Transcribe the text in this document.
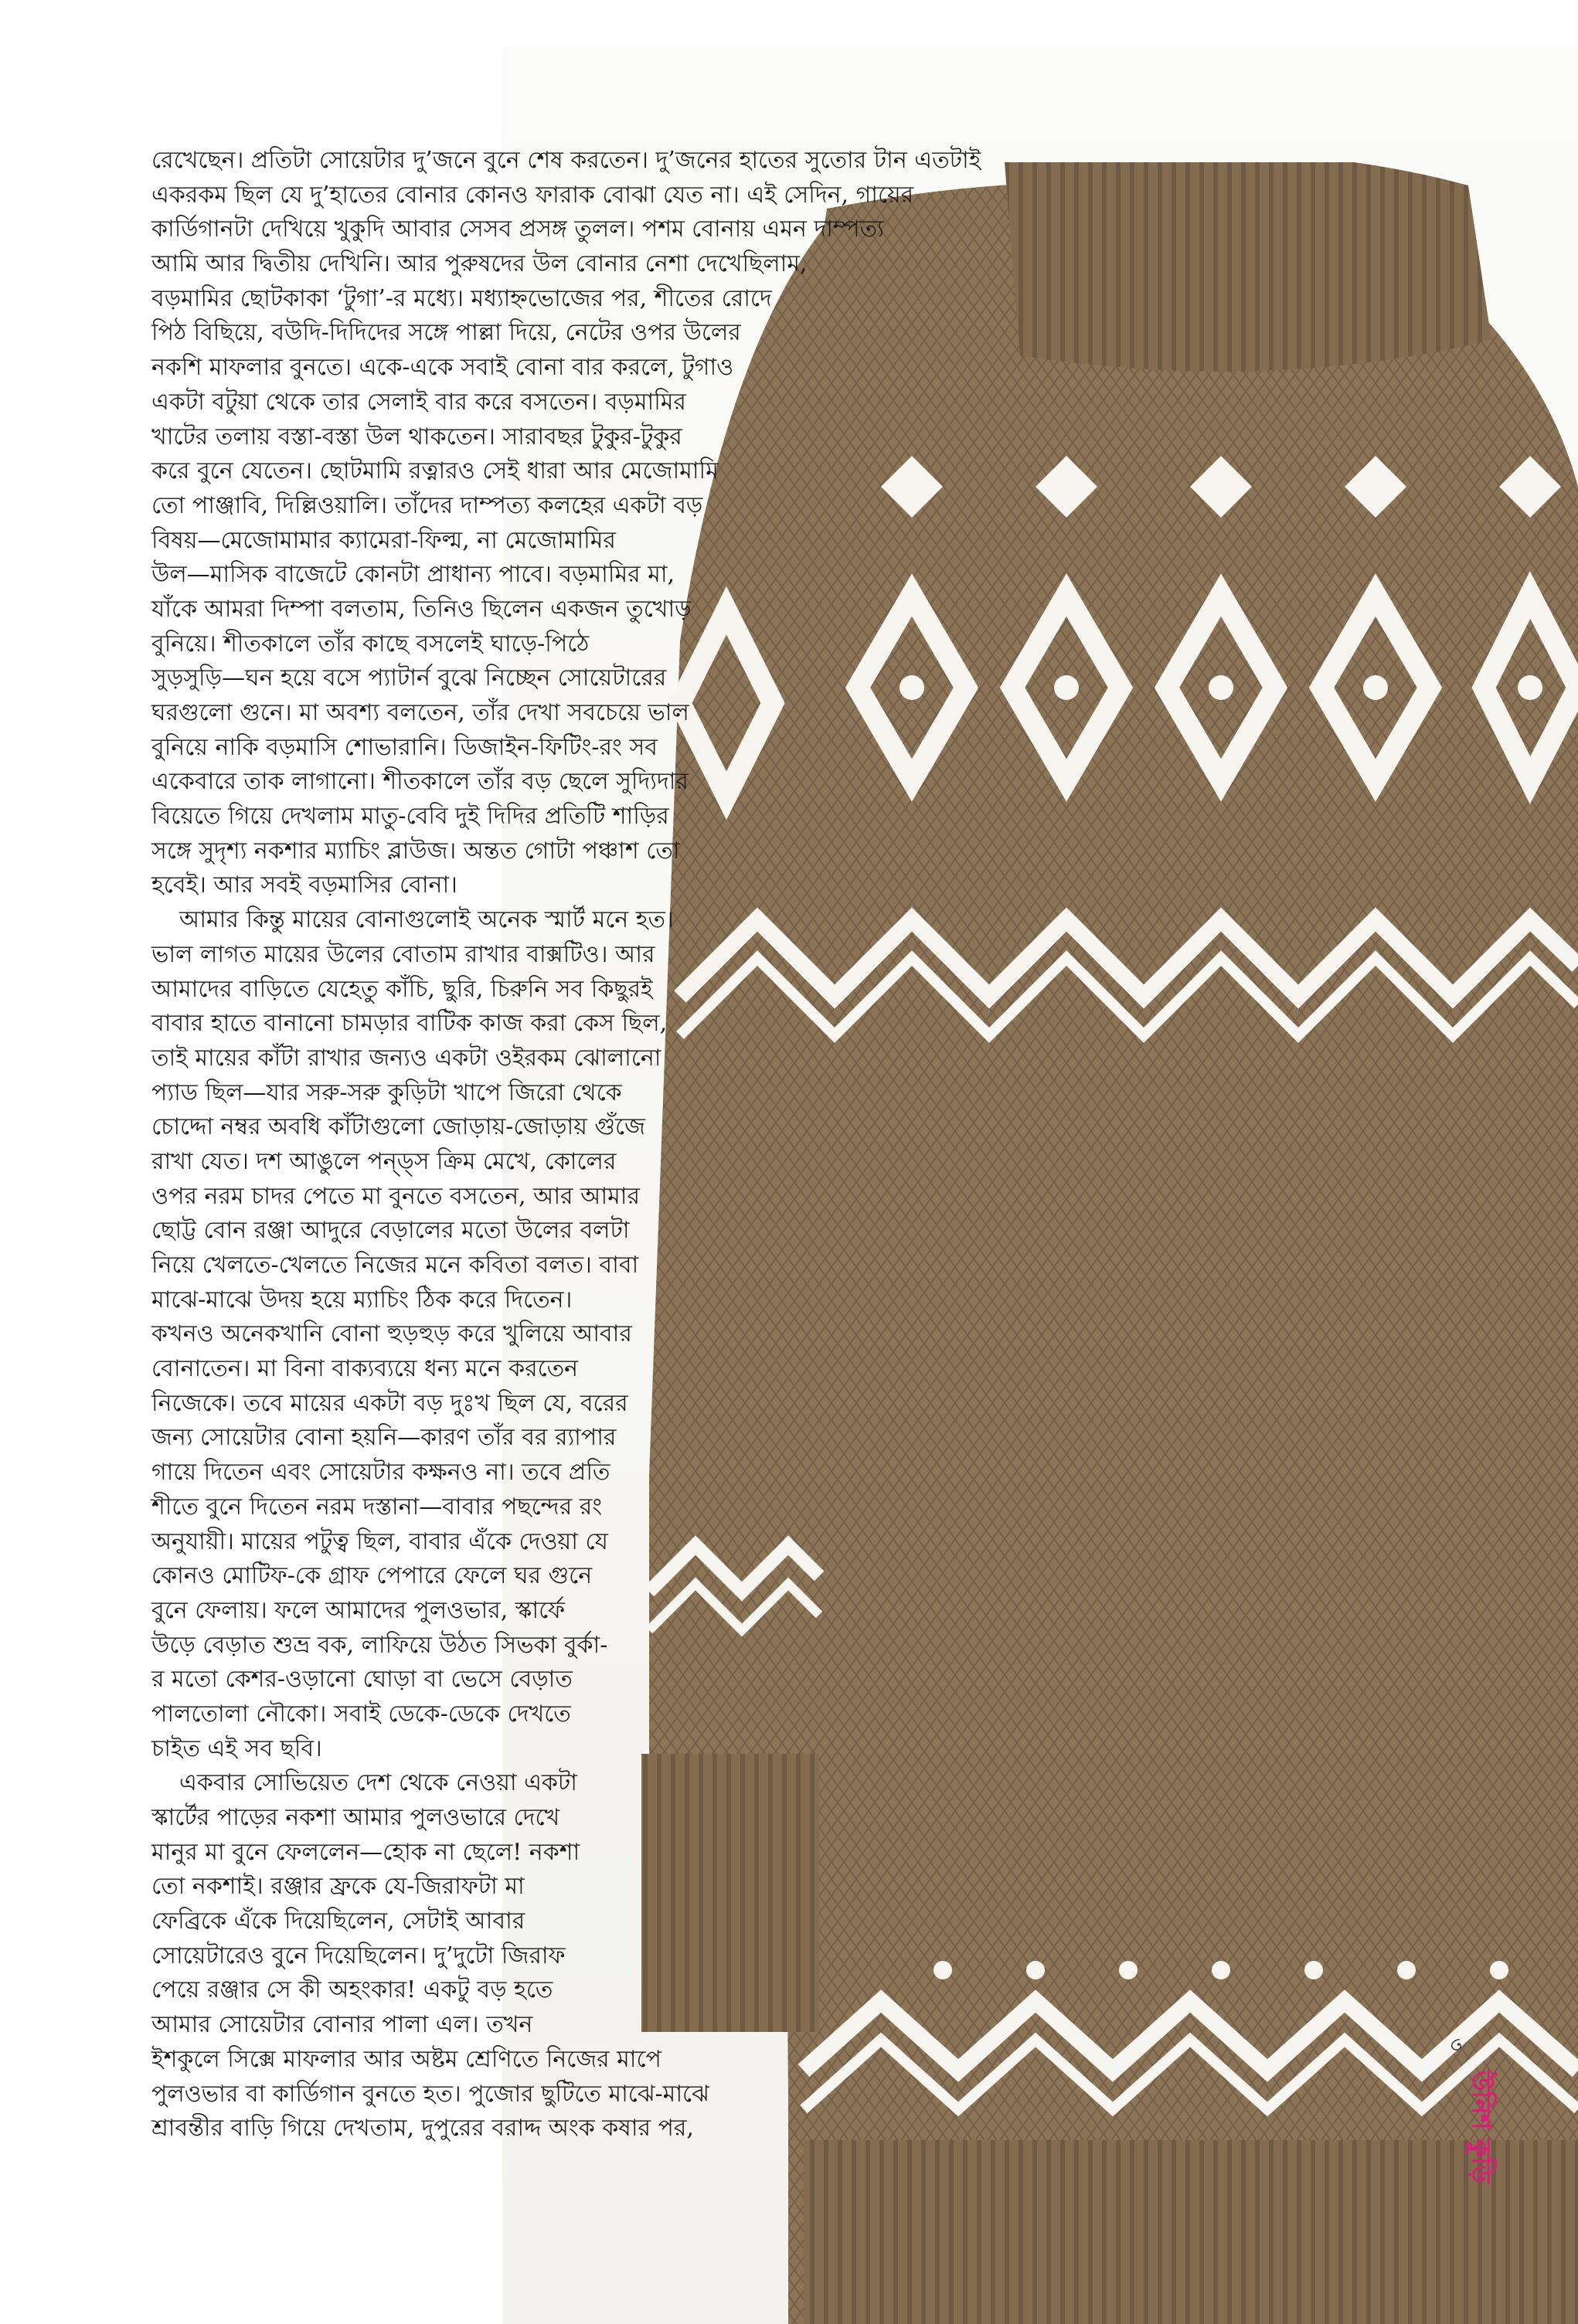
রেখেছেন। প্রতিটা সোয়েটার দু’জনে বুনে শেষ করতেন। দু’জনের হাতের সুতোর টান এতটাই
একরকম ছিল যে দু’হাতের বোনার কোনও ফারাক বোঝা যেত না। এই সেদিন, গায়ের
কার্ডিগানটা দেখিয়ে খুকুদি আবার সেসব প্রসঙ্গ তুলল। পশম বোনায় এমন দাম্পত্য
আমি আর দ্বিতীয় দেখিনি। আর পুরুষদের উল বোনার নেশা দেখেছিলাম,
বড়মামির ছোটকাকা ‘টুগা’-র মধ্যে। মধ্যাহ্নভোজের পর, শীতের রোদে
পিঠ বিছিয়ে, বউদি-দিদিদের সঙ্গে পাল্লা দিয়ে, নেটের ওপর উলের
নকশি মাফলার বুনতে। একে-একে সবাই বোনা বার করলে, টুগাও
একটা বটুয়া থেকে তার সেলাই বার করে বসতেন। বড়মামির
খাটের তলায় বস্তা-বস্তা উল থাকতেন। সারাবছর টুকুর-টুকুর
করে বুনে যেতেন। ছোটমামি রত্নারও সেই ধারা আর মেজোমামি
তো পাঞ্জাবি, দিল্লিওয়ালি। তাঁদের দাম্পত্য কলহের একটা বড়
বিষয়—মেজোমামার ক্যামেরা-ফিল্ম, না মেজোমামির
উল—মাসিক বাজেটে কোনটা প্রাধান্য পাবে। বড়মামির মা,
যাঁকে আমরা দিম্পা বলতাম, তিনিও ছিলেন একজন তুখোড়
বুনিয়ে। শীতকালে তাঁর কাছে বসলেই ঘাড়ে-পিঠে
সুড়সুড়ি—ঘন হয়ে বসে প্যাটার্ন বুঝে নিচ্ছেন সোয়েটারের
ঘরগুলো গুনে। মা অবশ্য বলতেন, তাঁর দেখা সবচেয়ে ভাল
বুনিয়ে নাকি বড়মাসি শোভারানি। ডিজাইন-ফিটিং-রং সব
একেবারে তাক লাগানো। শীতকালে তাঁর বড় ছেলে সুদ্যিদার
বিয়েতে গিয়ে দেখলাম মাতু-বেবি দুই দিদির প্রতিটি শাড়ির
সঙ্গে সুদৃশ্য নকশার ম্যাচিং ব্লাউজ। অন্তত গোটা পঞ্চাশ তো
হবেই। আর সবই বড়মাসির বোনা।
আমার কিন্তু মায়ের বোনাগুলোই অনেক স্মার্ট মনে হত।
ভাল লাগত মায়ের উলের বোতাম রাখার বাক্সটিও। আর
আমাদের বাড়িতে যেহেতু কাঁচি, ছুরি, চিরুনি সব কিছুরই
বাবার হাতে বানানো চামড়ার বাটিক কাজ করা কেস ছিল,
তাই মায়ের কাঁটা রাখার জন্যও একটা ওইরকম ঝোলানো
প্যাড ছিল—যার সরু-সরু কুড়িটা খাপে জিরো থেকে
চোদ্দো নম্বর অবধি কাঁটাগুলো জোড়ায়-জোড়ায় গুঁজে
রাখা যেত। দশ আঙুলে পন্ড্‌স ক্রিম মেখে, কোলের
ওপর নরম চাদর পেতে মা বুনতে বসতেন, আর আমার
ছোট্ট বোন রঞ্জা আদুরে বেড়ালের মতো উলের বলটা
নিয়ে খেলতে-খেলতে নিজের মনে কবিতা বলত। বাবা
মাঝে-মাঝে উদয় হয়ে ম্যাচিং ঠিক করে দিতেন।
কখনও অনেকখানি বোনা হুড়হুড় করে খুলিয়ে আবার
বোনাতেন। মা বিনা বাক্যব্যয়ে ধন্য মনে করতেন
নিজেকে। তবে মায়ের একটা বড় দুঃখ ছিল যে, বরের
জন্য সোয়েটার বোনা হয়নি—কারণ তাঁর বর র‍্যাপার
গায়ে দিতেন এবং সোয়েটার কক্ষনও না। তবে প্রতি
শীতে বুনে দিতেন নরম দস্তানা—বাবার পছন্দের রং
অনুযায়ী। মায়ের পটুত্ব ছিল, বাবার এঁকে দেওয়া যে
কোনও মোটিফ-কে গ্রাফ পেপারে ফেলে ঘর গুনে
বুনে ফেলায়। ফলে আমাদের পুলওভার, স্কার্ফে
উড়ে বেড়াত শুভ্র বক, লাফিয়ে উঠত সিভকা বুর্কা-
র মতো কেশর-ওড়ানো ঘোড়া বা ভেসে বেড়াত
পালতোলা নৌকো। সবাই ডেকে-ডেকে দেখতে
চাইত এই সব ছবি।
একবার সোভিয়েত দেশ থেকে নেওয়া একটা
স্কার্টের পাড়ের নকশা আমার পুলওভারে দেখে
মানুর মা বুনে ফেললেন—হোক না ছেলে! নকশা
তো নকশাই। রঞ্জার ফ্রকে যে-জিরাফটা মা
ফেব্রিকে এঁকে দিয়েছিলেন, সেটাই আবার
সোয়েটারেও বুনে দিয়েছিলেন। দু’দুটো জিরাফ
পেয়ে রঞ্জার সে কী অহংকার! একটু বড় হতে
আমার সোয়েটার বোনার পালা এল। তখন
ইশকুলে সিক্সে মাফলার আর অষ্টম শ্রেণিতে নিজের মাপে
পুলওভার বা কার্ডিগান বুনতে হত। পুজোর ছুটিতে মাঝে-মাঝে
শ্রাবন্তীর বাড়ি গিয়ে দেখতাম, দুপুরের বরাদ্দ অংক কষার পর,
৩
উনিশ কুড়ি
